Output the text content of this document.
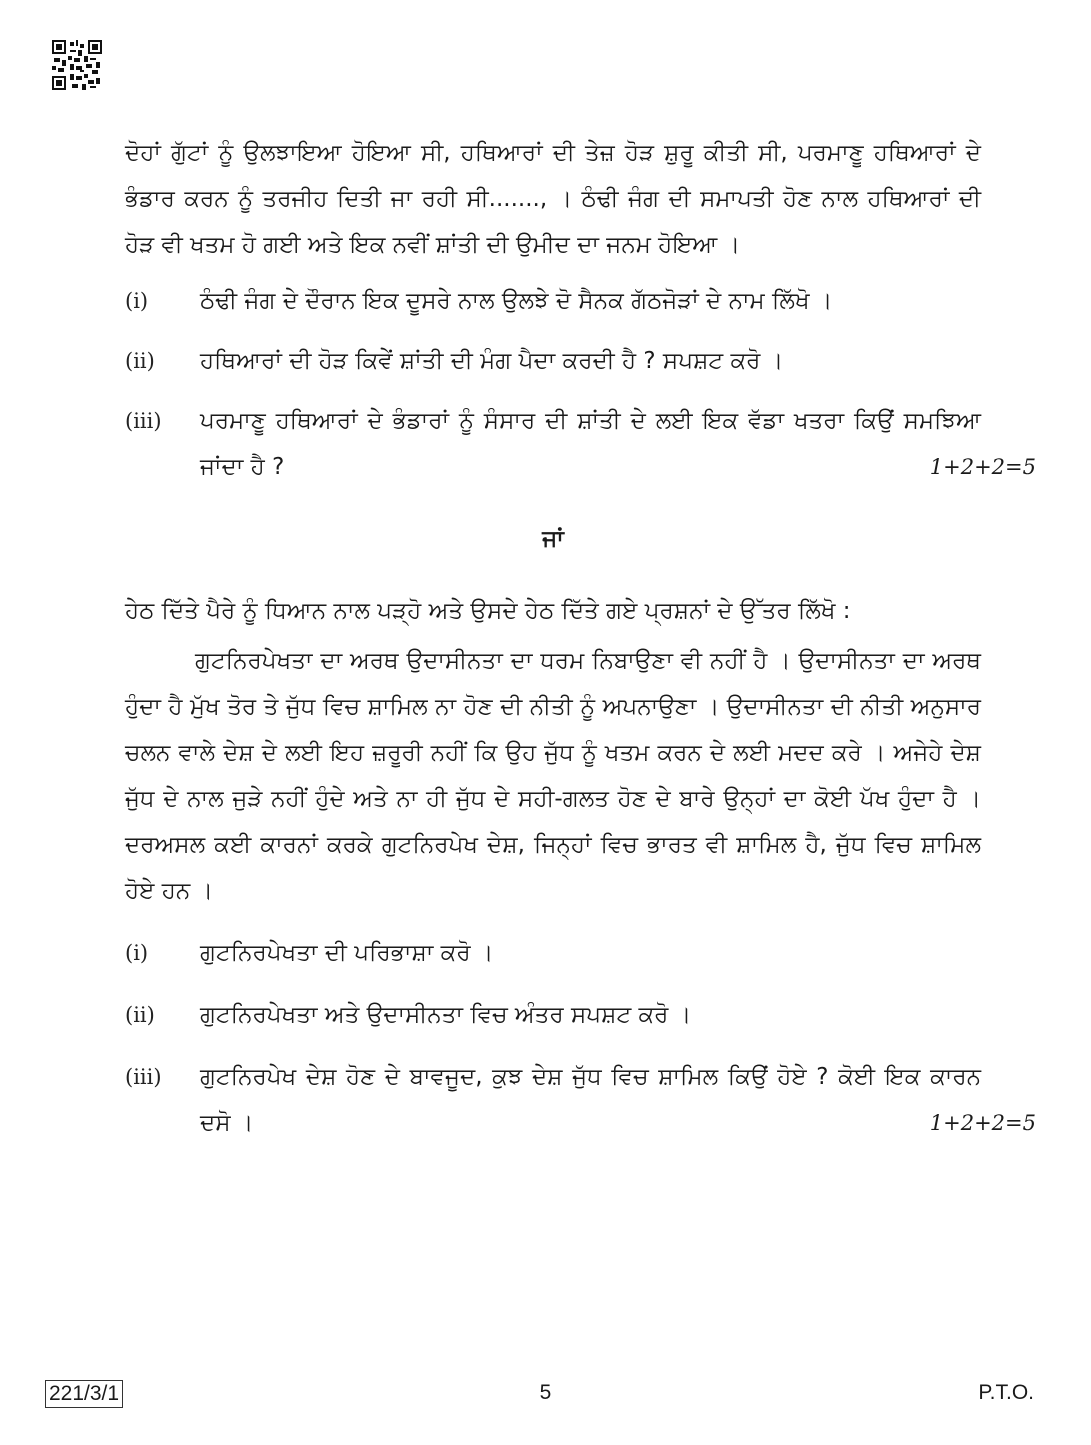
ਦੋਹਾਂ ਗੁੱਟਾਂ ਨੂੰ ਉਲਝਾਇਆ ਹੋਇਆ ਸੀ, ਹਥਿਆਰਾਂ ਦੀ ਤੇਜ਼ ਹੋੜ ਸ਼ੁਰੂ ਕੀਤੀ ਸੀ, ਪਰਮਾਣੂ ਹਥਿਆਰਾਂ ਦੇ ਭੰਡਾਰ ਕਰਨ ਨੂੰ ਤਰਜੀਹ ਦਿਤੀ ਜਾ ਰਹੀ ਸੀ......., । ਠੰਢੀ ਜੰਗ ਦੀ ਸਮਾਪਤੀ ਹੋਣ ਨਾਲ ਹਥਿਆਰਾਂ ਦੀ ਹੋੜ ਵੀ ਖਤਮ ਹੋ ਗਈ ਅਤੇ ਇਕ ਨਵੀਂ ਸ਼ਾਂਤੀ ਦੀ ਉਮੀਦ ਦਾ ਜਨਮ ਹੋਇਆ ।

(i)	ਠੰਢੀ ਜੰਗ ਦੇ ਦੌਰਾਨ ਇਕ ਦੂਸਰੇ ਨਾਲ ਉਲਝੇ ਦੋ ਸੈਨਕ ਗੱਠਜੋੜਾਂ ਦੇ ਨਾਮ ਲਿੱਖੋ ।

(ii)	ਹਥਿਆਰਾਂ ਦੀ ਹੋੜ ਕਿਵੇਂ ਸ਼ਾਂਤੀ ਦੀ ਮੰਗ ਪੈਦਾ ਕਰਦੀ ਹੈ ? ਸਪਸ਼ਟ ਕਰੋ ।

(iii)	ਪਰਮਾਣੂ ਹਥਿਆਰਾਂ ਦੇ ਭੰਡਾਰਾਂ ਨੂੰ ਸੰਸਾਰ ਦੀ ਸ਼ਾਂਤੀ ਦੇ ਲਈ ਇਕ ਵੱਡਾ ਖਤਰਾ ਕਿਉਂ ਸਮਝਿਆ ਜਾਂਦਾ ਹੈ ?	1+2+2=5

ਜਾਂ

ਹੇਠ ਦਿੱਤੇ ਪੈਰੇ ਨੂੰ ਧਿਆਨ ਨਾਲ ਪੜ੍ਹੋ ਅਤੇ ਉਸਦੇ ਹੇਠ ਦਿੱਤੇ ਗਏ ਪ੍ਰਸ਼ਨਾਂ ਦੇ ਉੱਤਰ ਲਿੱਖੋ :

ਗੁਟਨਿਰਪੇਖਤਾ ਦਾ ਅਰਥ ਉਦਾਸੀਨਤਾ ਦਾ ਧਰਮ ਨਿਬਾਉਣਾ ਵੀ ਨਹੀਂ ਹੈ । ਉਦਾਸੀਨਤਾ ਦਾ ਅਰਥ ਹੁੰਦਾ ਹੈ ਮੁੱਖ ਤੋਰ ਤੇ ਜੁੱਧ ਵਿਚ ਸ਼ਾਮਿਲ ਨਾ ਹੋਣ ਦੀ ਨੀਤੀ ਨੂੰ ਅਪਨਾਉਣਾ । ਉਦਾਸੀਨਤਾ ਦੀ ਨੀਤੀ ਅਨੁਸਾਰ ਚਲਨ ਵਾਲੇ ਦੇਸ਼ ਦੇ ਲਈ ਇਹ ਜ਼ਰੂਰੀ ਨਹੀਂ ਕਿ ਉਹ ਜੁੱਧ ਨੂੰ ਖਤਮ ਕਰਨ ਦੇ ਲਈ ਮਦਦ ਕਰੇ । ਅਜੇਹੇ ਦੇਸ਼ ਜੁੱਧ ਦੇ ਨਾਲ ਜੁੜੇ ਨਹੀਂ ਹੁੰਦੇ ਅਤੇ ਨਾ ਹੀ ਜੁੱਧ ਦੇ ਸਹੀ-ਗਲਤ ਹੋਣ ਦੇ ਬਾਰੇ ਉਨ੍ਹਾਂ ਦਾ ਕੋਈ ਪੱਖ ਹੁੰਦਾ ਹੈ । ਦਰਅਸਲ ਕਈ ਕਾਰਨਾਂ ਕਰਕੇ ਗੁਟਨਿਰਪੇਖ ਦੇਸ਼, ਜਿਨ੍ਹਾਂ ਵਿਚ ਭਾਰਤ ਵੀ ਸ਼ਾਮਿਲ ਹੈ, ਜੁੱਧ ਵਿਚ ਸ਼ਾਮਿਲ ਹੋਏ ਹਨ ।

(i)	ਗੁਟਨਿਰਪੇਖਤਾ ਦੀ ਪਰਿਭਾਸ਼ਾ ਕਰੋ ।

(ii)	ਗੁਟਨਿਰਪੇਖਤਾ ਅਤੇ ਉਦਾਸੀਨਤਾ ਵਿਚ ਅੰਤਰ ਸਪਸ਼ਟ ਕਰੋ ।

(iii)	ਗੁਟਨਿਰਪੇਖ ਦੇਸ਼ ਹੋਣ ਦੇ ਬਾਵਜੂਦ, ਕੁਝ ਦੇਸ਼ ਜੁੱਧ ਵਿਚ ਸ਼ਾਮਿਲ ਕਿਉਂ ਹੋਏ ? ਕੋਈ ਇਕ ਕਾਰਨ ਦਸੋ ।	1+2+2=5
221/3/1	5	P.T.O.
